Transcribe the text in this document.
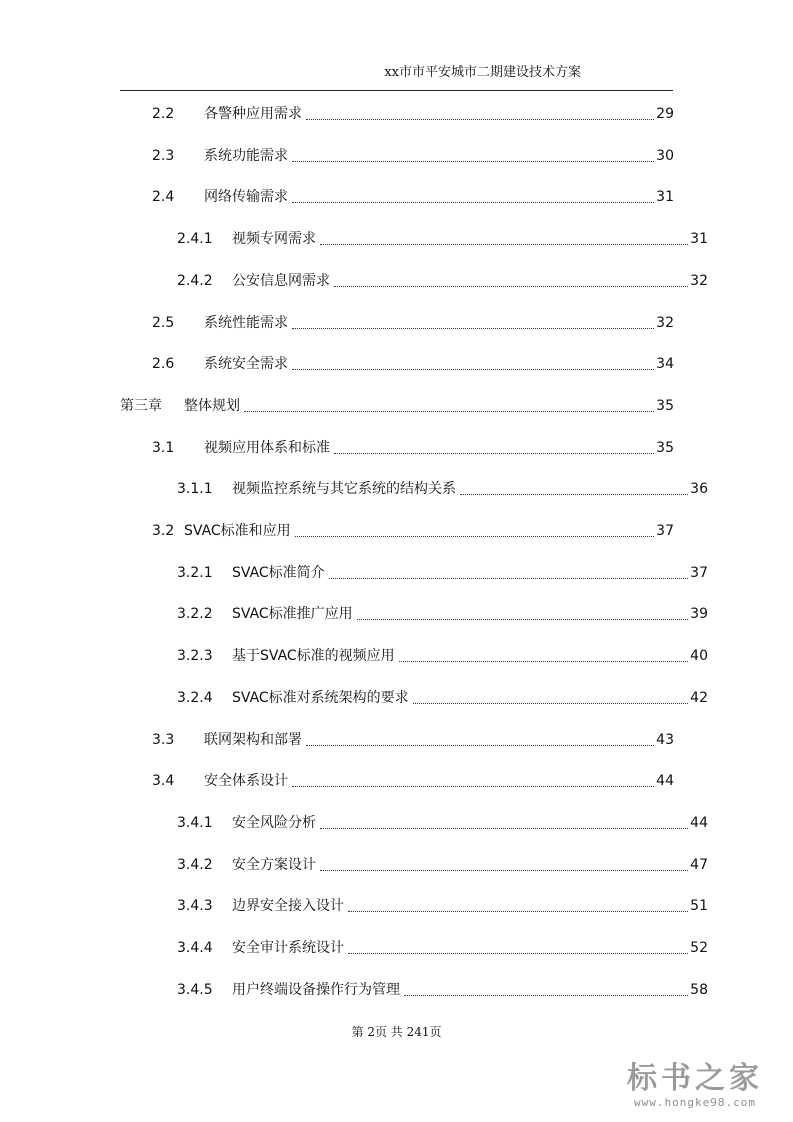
xx市市平安城市二期建设技术方案
2.2	各警种应用需求	29
2.3	系统功能需求	30
2.4	网络传输需求	31
2.4.1	视频专网需求	31
2.4.2	公安信息网需求	32
2.5	系统性能需求	32
2.6	系统安全需求	34
第三章	整体规划	35
3.1	视频应用体系和标准	35
3.1.1	视频监控系统与其它系统的结构关系	36
3.2 SVAC标准和应用	37
3.2.1	SVAC标准简介	37
3.2.2	SVAC标准推广应用	39
3.2.3	基于SVAC标准的视频应用	40
3.2.4	SVAC标准对系统架构的要求	42
3.3	联网架构和部署	43
3.4	安全体系设计	44
3.4.1	安全风险分析	44
3.4.2	安全方案设计	47
3.4.3	边界安全接入设计	51
3.4.4	安全审计系统设计	52
3.4.5	用户终端设备操作行为管理	58
第 2页 共 241页
标书之家
www.hongke98.com
